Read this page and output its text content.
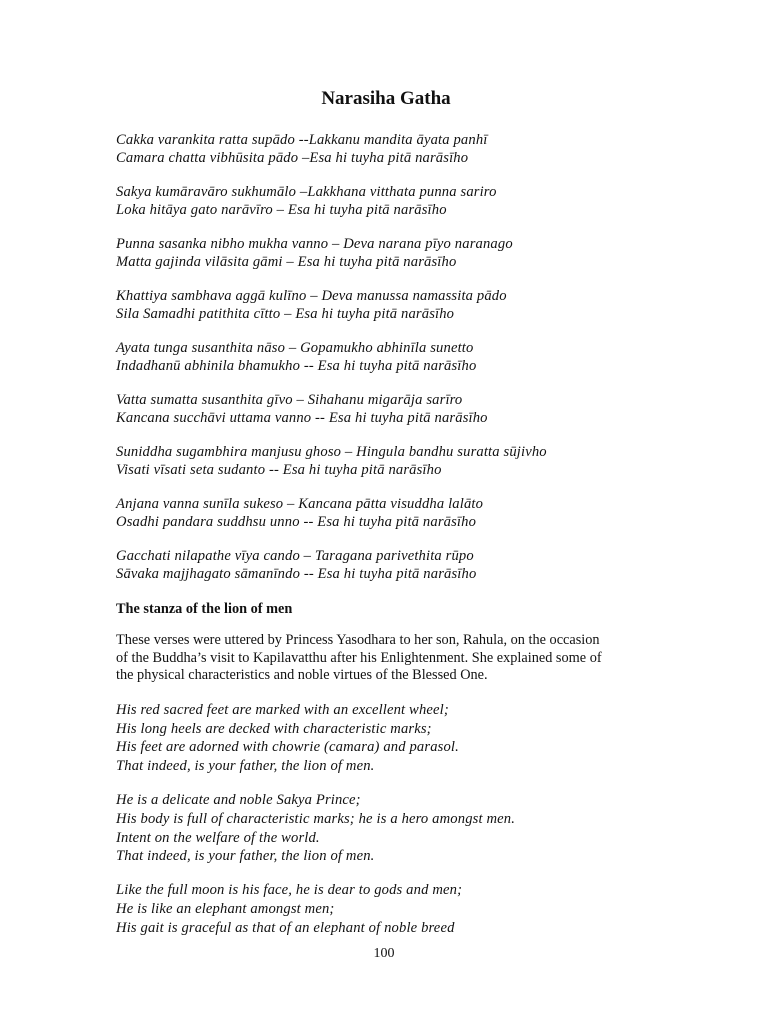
Narasiha Gatha
Cakka varankita ratta supādo --Lakkanu mandita āyata panhī
Camara chatta vibhūsita pādo –Esa hi tuyha pitā narāsīho
Sakya kumāravāro sukhumālo –Lakkhana vitthata punna sariro
Loka hitāya gato narāvīro – Esa hi tuyha pitā narāsīho
Punna sasanka nibho mukha vanno – Deva narana pīyo naranago
Matta gajinda vilāsita gāmi – Esa hi tuyha pitā narāsīho
Khattiya sambhava aggā kulīno – Deva manussa namassita pādo
Sila Samadhi patithita cītto – Esa hi tuyha pitā narāsīho
Ayata tunga susanthita nāso – Gopamukho abhinīla sunetto
Indadhanū abhinila bhamukho -- Esa hi tuyha pitā narāsīho
Vatta sumatta susanthita gīvo – Sihahanu migarāja sarīro
Kancana succhāvi uttama vanno -- Esa hi tuyha pitā narāsīho
Suniddha sugambhira manjusu ghoso – Hingula bandhu suratta sūjivho
Visati vīsati seta sudanto -- Esa hi tuyha pitā narāsīho
Anjana vanna sunīla sukeso – Kancana pātta visuddha lalāto
Osadhi pandara suddhsu unno -- Esa hi tuyha pitā narāsīho
Gacchati nilapathe vīya cando – Taragana parivethita rūpo
Sāvaka majjhagato sāmanīndo -- Esa hi tuyha pitā narāsīho
The stanza of the lion of men
These verses were uttered by Princess Yasodhara to her son, Rahula, on the occasion
of the Buddha’s visit to Kapilavatthu after his Enlightenment. She explained some of
the physical characteristics and noble virtues of the Blessed One.
His red sacred feet are marked with an excellent wheel;
His long heels are decked with characteristic marks;
His feet are adorned with chowrie (camara) and parasol.
That indeed, is your father, the lion of men.
He is a delicate and noble Sakya Prince;
His body is full of characteristic marks; he is a hero amongst men.
Intent on the welfare of the world.
That indeed, is your father, the lion of men.
Like the full moon is his face, he is dear to gods and men;
He is like an elephant amongst men;
His gait is graceful as that of an elephant of noble breed
100
